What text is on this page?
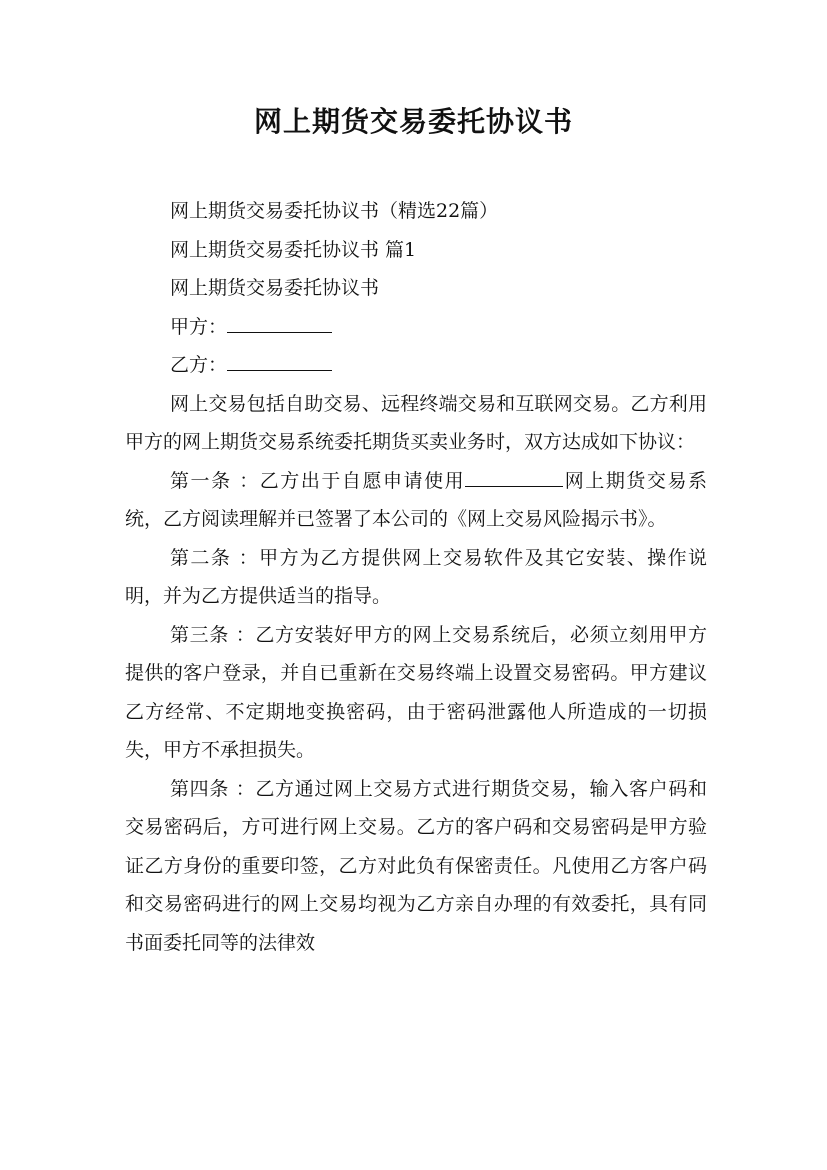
网上期货交易委托协议书

网上期货交易委托协议书（精选22篇）

网上期货交易委托协议书 篇1

网上期货交易委托协议书

甲方：

乙方：

网上交易包括自助交易、远程终端交易和互联网交易。乙方利用甲方的网上期货交易系统委托期货买卖业务时，双方达成如下协议：

第一条 ：乙方出于自愿申请使用	网上期货交易系统，乙方阅读理解并已签署了本公司的《网上交易风险揭示书》。

第二条 ：甲方为乙方提供网上交易软件及其它安装、操作说明，并为乙方提供适当的指导。

第三条 ：乙方安装好甲方的网上交易系统后，必须立刻用甲方提供的客户登录，并自已重新在交易终端上设置交易密码。甲方建议乙方经常、不定期地变换密码，由于密码泄露他人所造成的一切损失，甲方不承担损失。

第四条 ：乙方通过网上交易方式进行期货交易，输入客户码和交易密码后，方可进行网上交易。乙方的客户码和交易密码是甲方验证乙方身份的重要印签，乙方对此负有保密责任。凡使用乙方客户码和交易密码进行的网上交易均视为乙方亲自办理的有效委托，具有同书面委托同等的法律效
